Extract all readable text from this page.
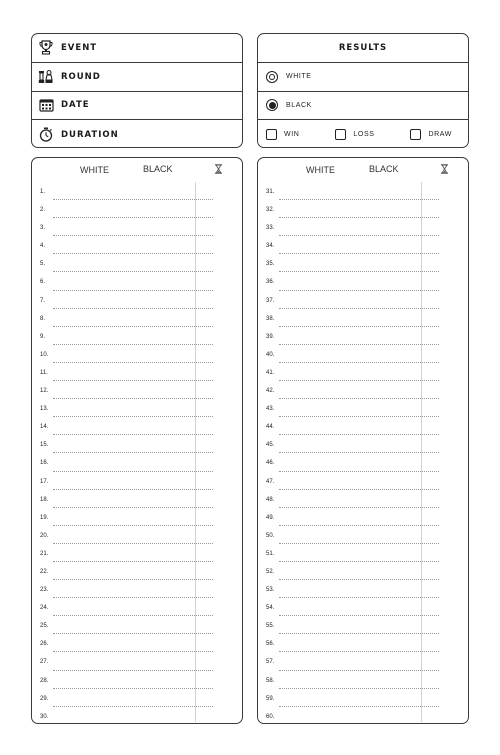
EVENT
ROUND
DATE
DURATION
RESULTS
WHITE
BLACK
WIN	LOSS	DRAW
WHITE	BLACK
1.
2.
3.
4.
5.
6.
7.
8.
9.
10.
11.
12.
13.
14.
15.
16.
17.
18.
19.
20.
21.
22.
23.
24.
25.
26.
27.
28.
29.
30.
WHITE	BLACK
31.
32.
33.
34.
35.
36.
37.
38.
39.
40.
41.
42.
43.
44.
45.
46.
47.
48.
49.
50.
51.
52.
53.
54.
55.
56.
57.
58.
59.
60.
